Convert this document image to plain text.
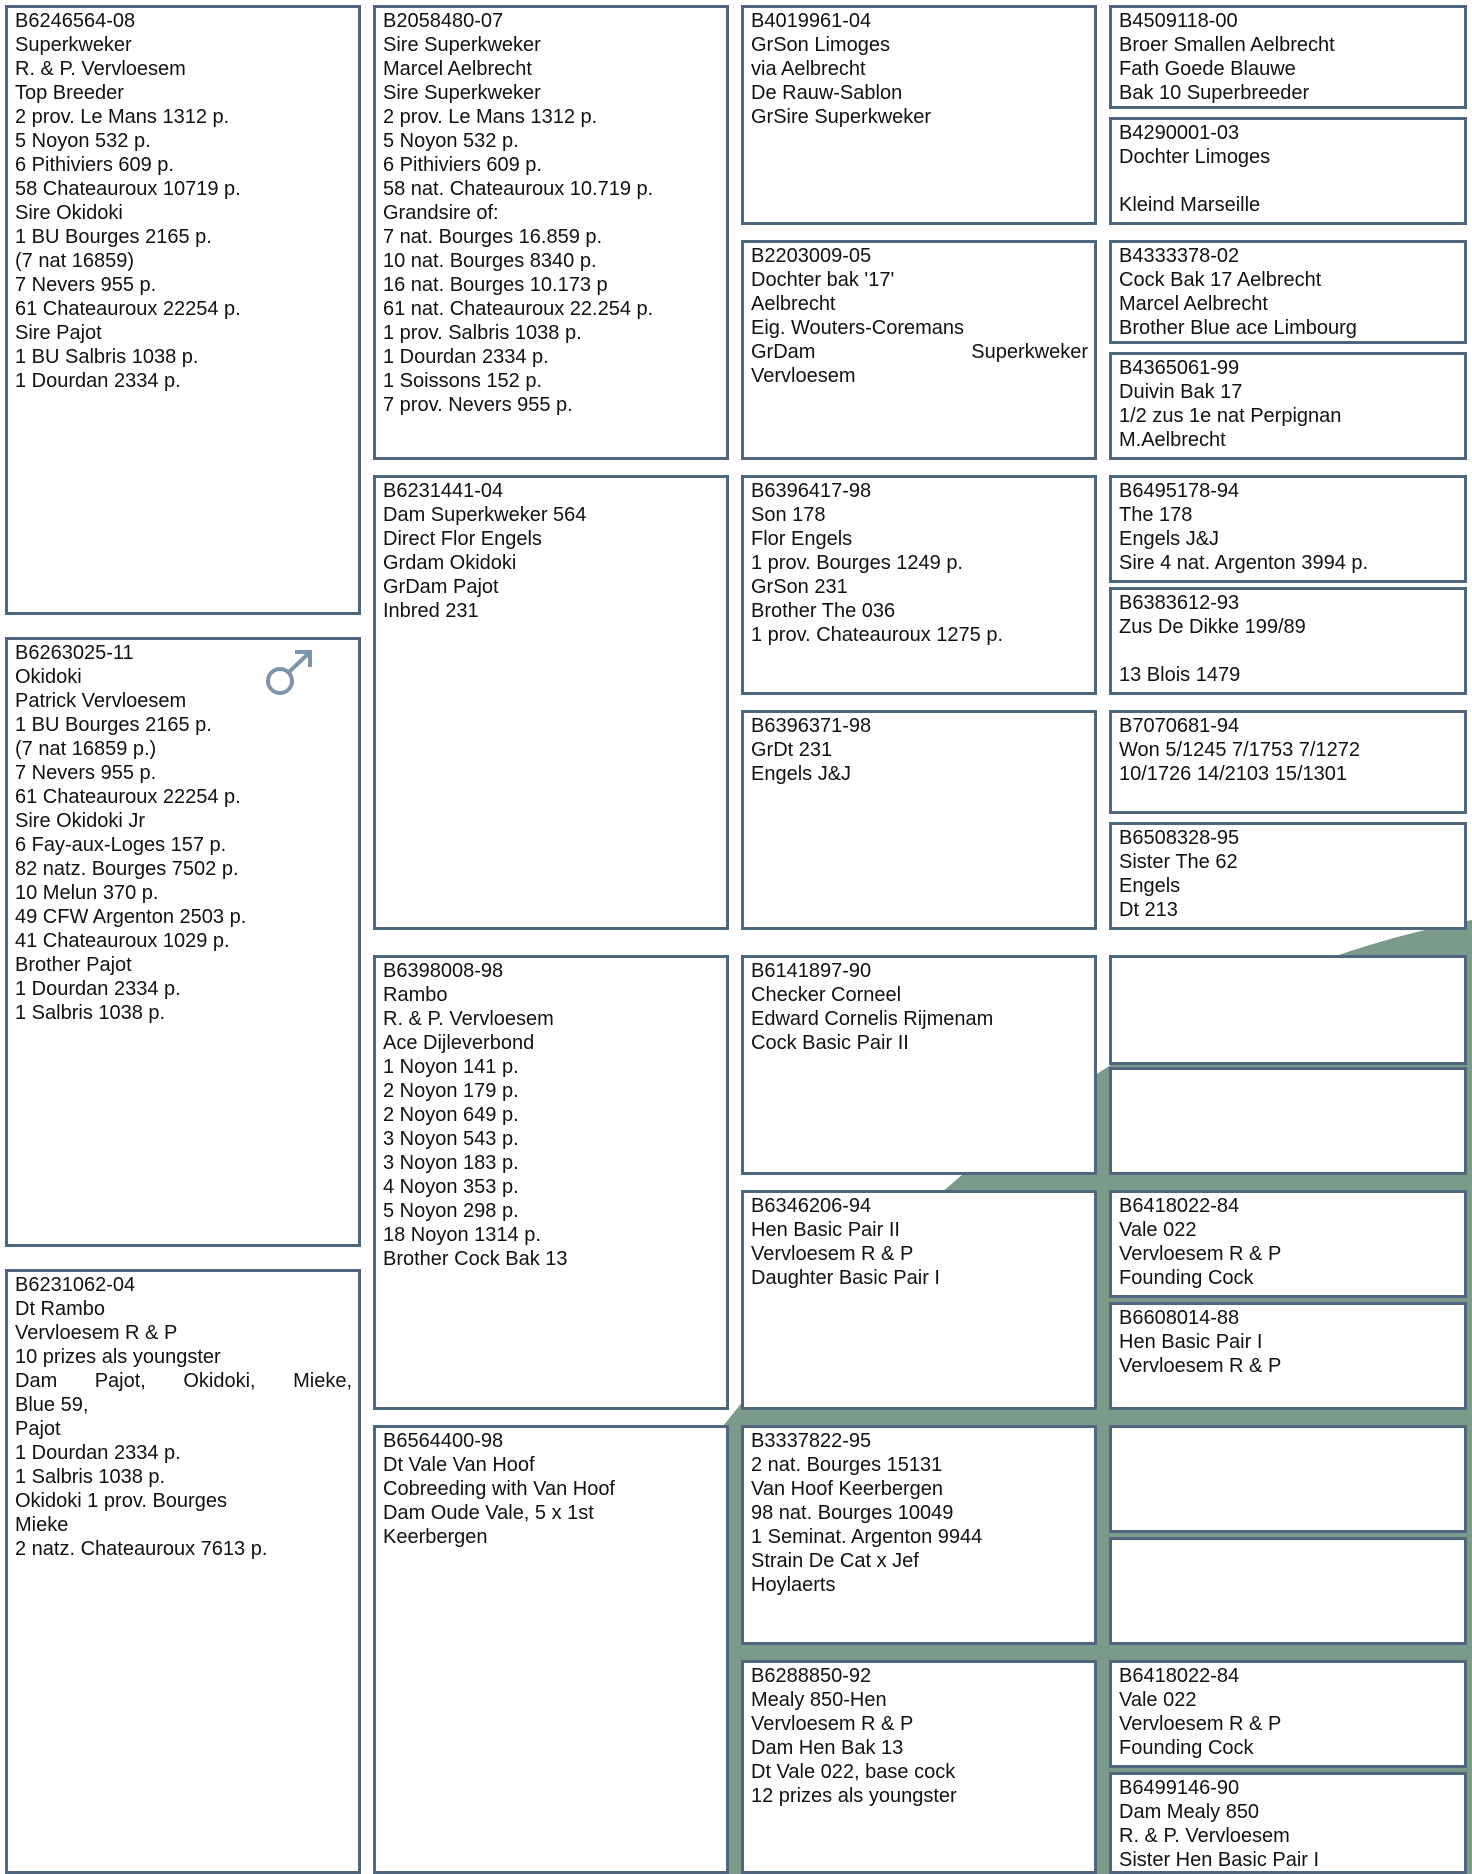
B6246564-08
Superkweker
R. & P. Vervloesem
Top Breeder
2 prov. Le Mans 1312 p.
5 Noyon 532 p.
6 Pithiviers 609 p.
58 Chateauroux 10719 p.
Sire Okidoki
1 BU Bourges 2165 p.
(7 nat 16859)
7 Nevers 955 p.
61 Chateauroux 22254 p.
Sire Pajot
1 BU Salbris 1038 p.
1 Dourdan 2334 p.
B6263025-11
Okidoki
Patrick Vervloesem
1 BU Bourges 2165 p.
(7 nat 16859 p.)
7 Nevers 955 p.
61 Chateauroux 22254 p.
Sire Okidoki Jr
6 Fay-aux-Loges 157 p.
82 natz. Bourges 7502 p.
10 Melun 370 p.
49 CFW Argenton 2503 p.
41 Chateauroux 1029 p.
Brother Pajot
1 Dourdan 2334 p.
1 Salbris 1038 p.
B6231062-04
Dt Rambo
Vervloesem R & P
10 prizes als youngster
Dam Pajot, Okidoki, Mieke,
Blue 59,
Pajot
1 Dourdan 2334 p.
1 Salbris 1038 p.
Okidoki 1 prov. Bourges
Mieke
2 natz. Chateauroux 7613 p.
B2058480-07
Sire Superkweker
Marcel Aelbrecht
Sire Superkweker
2 prov. Le Mans 1312 p.
5 Noyon 532 p.
6 Pithiviers 609 p.
58 nat. Chateauroux 10.719 p.
Grandsire of:
7 nat. Bourges 16.859 p.
10 nat. Bourges 8340 p.
16 nat. Bourges 10.173 p
61 nat. Chateauroux 22.254 p.
1 prov. Salbris 1038 p.
1 Dourdan 2334 p.
1 Soissons 152 p.
7 prov. Nevers 955 p.
B6231441-04
Dam Superkweker 564
Direct Flor Engels
Grdam Okidoki
GrDam Pajot
Inbred 231
B6398008-98
Rambo
R. & P. Vervloesem
Ace Dijleverbond
1 Noyon 141 p.
2 Noyon 179 p.
2 Noyon 649 p.
3 Noyon 543 p.
3 Noyon 183 p.
4 Noyon 353 p.
5 Noyon 298 p.
18 Noyon 1314 p.
Brother Cock Bak 13
B6564400-98
Dt Vale Van Hoof
Cobreeding with Van Hoof
Dam Oude Vale, 5 x 1st
Keerbergen
B4019961-04
GrSon Limoges
via Aelbrecht
De Rauw-Sablon
GrSire Superkweker
B2203009-05
Dochter bak '17'
Aelbrecht
Eig. Wouters-Coremans
GrDam	Superkweker
Vervloesem
B6396417-98
Son 178
Flor Engels
1 prov. Bourges 1249 p.
GrSon 231
Brother The 036
1 prov. Chateauroux 1275 p.
B6396371-98
GrDt 231
Engels J&J
B6141897-90
Checker Corneel
Edward Cornelis Rijmenam
Cock Basic Pair II
B6346206-94
Hen Basic Pair II
Vervloesem R & P
Daughter Basic Pair I
B3337822-95
2 nat. Bourges 15131
Van Hoof Keerbergen
98 nat. Bourges 10049
1 Seminat. Argenton 9944
Strain De Cat x Jef
Hoylaerts
B6288850-92
Mealy 850-Hen
Vervloesem R & P
Dam Hen Bak 13
Dt Vale 022, base cock
12 prizes als youngster
B4509118-00
Broer Smallen Aelbrecht
Fath Goede Blauwe
Bak 10 Superbreeder
B4290001-03
Dochter Limoges
Kleind Marseille
B4333378-02
Cock Bak 17 Aelbrecht
Marcel Aelbrecht
Brother Blue ace Limbourg
B4365061-99
Duivin Bak 17
1/2 zus 1e nat Perpignan
M.Aelbrecht
B6495178-94
The 178
Engels J&J
Sire 4 nat. Argenton 3994 p.
B6383612-93
Zus De Dikke 199/89
13 Blois 1479
B7070681-94
Won 5/1245 7/1753 7/1272
10/1726 14/2103 15/1301
B6508328-95
Sister The 62
Engels
Dt 213
B6418022-84
Vale 022
Vervloesem R & P
Founding Cock
B6608014-88
Hen Basic Pair I
Vervloesem R & P
B6418022-84
Vale 022
Vervloesem R & P
Founding Cock
B6499146-90
Dam Mealy 850
R. & P. Vervloesem
Sister Hen Basic Pair I
